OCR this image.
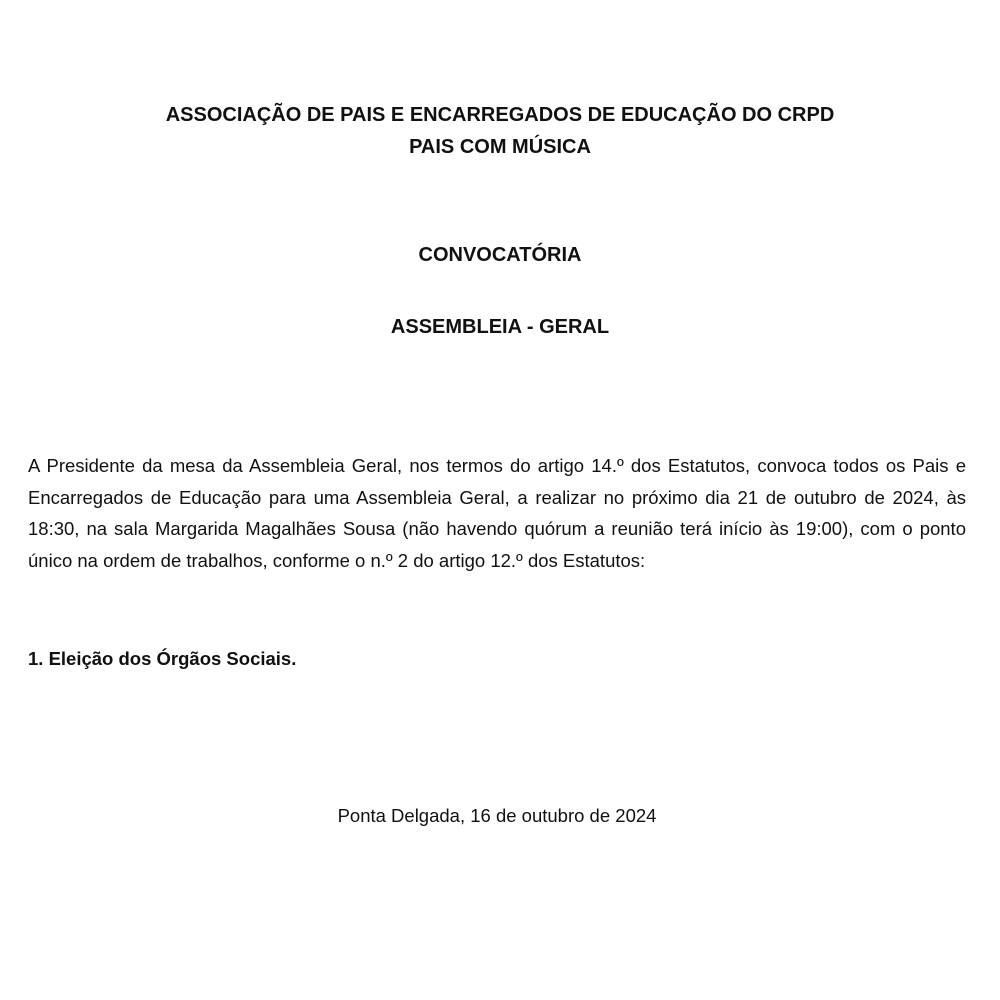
ASSOCIAÇÃO DE PAIS E ENCARREGADOS DE EDUCAÇÃO DO CRPD
PAIS COM MÚSICA
CONVOCATÓRIA
ASSEMBLEIA - GERAL

A Presidente da mesa da Assembleia Geral, nos termos do artigo 14.º dos Estatutos, convoca todos os Pais e Encarregados de Educação para uma Assembleia Geral, a realizar no próximo dia 21 de outubro de 2024, às 18:30, na sala Margarida Magalhães Sousa (não havendo quórum a reunião terá início às 19:00), com o ponto único na ordem de trabalhos, conforme o n.º 2 do artigo 12.º dos Estatutos:

1. Eleição dos Órgãos Sociais.

Ponta Delgada, 16 de outubro de 2024
